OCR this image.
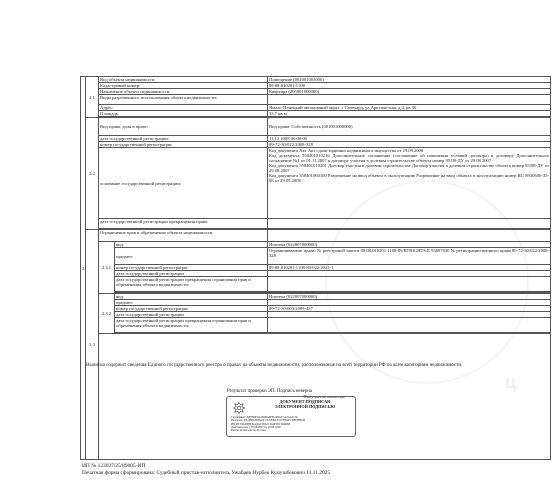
ц
2	2.1	Вид объекта недвижимости:		Помещение (002001003000)	
		Кадастровый номер:		89:08:010201:1108	
		Назначение объекта недвижимости:		Квартира (205001000000)	
		Виды разрешенного использования объекта недвижимости:			
		Адрес:		Ямало-Ненецкий автономный округ, г Салехард, ул Арктическая, д 4, кв 36	
		Площадь:		33.7 кв.м	

	2.2	Вид права, доля в праве:		Вид права: Собственность (001001000000)	
		дата государственной регистрации:		11.12.2008 00:00:00	
		номер государственной регистрации:		89-72-30/022/2008-328	
		основание государственной регистрации:		Код документа Акт Акт сдачи-приемки недвижимого имущества от 29.09.2008
Код документа 558401010216 Дополнительное соглашение (соглашение об изменении условий договора) к договору Дополнительное соглашение №1 от 01.11.2007 к договору участия в долевом строительстве объекта номер 95/08-ДУ от 29.08.2007
Код документа 558401010201 Договор участия в долевом строительстве Договор участия в долевом строительстве объекта номер 95/08-ДУ от 29.08.2007
Код документа 558401060100 Разрешение на ввод объекта в эксплуатацию Разрешение на ввод объекта в эксплуатацию номер RU 8930600-35-08 от 29.09.2008	

		дата государственной регистрации прекращения права:			

	2.3	Ограничение прав и обременение объекта недвижимости:			
		2.3.1	вид:	Ипотека (022007000000)	
			предмет:	Ограничиваемые права: № реестровой записи 89:08:010201:1108-89/RTRIGHTS:E.93697030 № регистрации вещного права 89-72-30/022/2008-328	
			номер государственной регистрации:	89:08:010201:1108-89/022/2023-1	
			дата государственной регистрации		
			дата государственной регистрации прекращения ограничения прав и обременения объекта недвижимости:		

		2.3.2	вид:	Ипотека (022007000000)	
			предмет:		
			номер государственной регистрации:	89-72-30/003/2009-437	
			дата государственной регистрации		
			дата государственной регистрации прекращения ограничения прав и обременения объекта недвижимости:		

		Получатель выписки:	
Выписка содержит сведения Единого государственного реестра о правах на объекты недвижимости, расположенные на всей территории РФ по всем категориям недвижимости.
Результат проверки ЭП: Подпись неверна
ДОКУМЕНТ ПОДПИСАН
ЭЛЕКТРОННОЙ ПОДПИСЬЮ
Сертификат: 00E890E0A2E6BA6F8C48D2F1A3AA1C9C
Владелец: ФЕДЕРАЛЬНАЯ СЛУЖБА ГОСУДАРСТВЕННОЙ
РЕГИСТРАЦИИ, КАДАСТРА И КАРТОГРАФИИ
Действителен: с 05.06.2025 по 29.08.2026
Выдан: Казначейство России
ИП № 123027/25/89005-ИП
Печатная форма сформирована: Судебный пристав-исполнитель Ужабаев Нурбек Кумушбекович 11.11.2025
